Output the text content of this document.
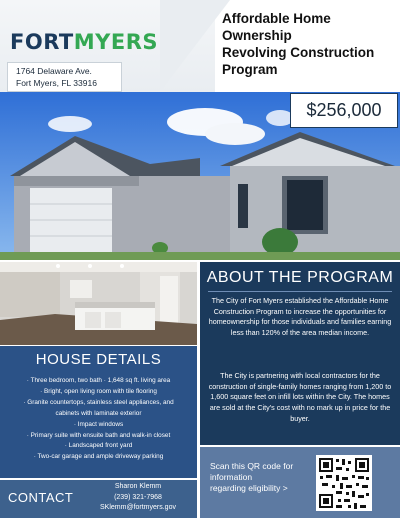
FORTMYERS
1764 Delaware Ave.
Fort Myers, FL 33916
Affordable Home
Ownership
Revolving Construction
Program
$256,000
HOUSE DETAILS
· Three bedroom, two bath · 1,648 sq ft. living area
· Bright, open living room with tile flooring
· Granite countertops, stainless steel appliances, and
cabinets with laminate exterior
· Impact windows
· Primary suite with ensuite bath and walk-in closet
· Landscaped front yard
· Two-car garage and ample driveway parking
ABOUT THE PROGRAM

The City of Fort Myers established the Affordable Home Construction Program to increase the opportunities for homeownership for those individuals and families earning less than 120% of the area median income.

The City is partnering with local contractors for the construction of single-family homes ranging from 1,200 to 1,600 square feet on infill lots within the City. The homes are sold at the City’s cost with no mark up in price for the buyer.

CONTACT
Sharon Klemm
(239) 321-7968
SKlemm@fortmyers.gov
Scan this QR code for
information
regarding eligibility >
